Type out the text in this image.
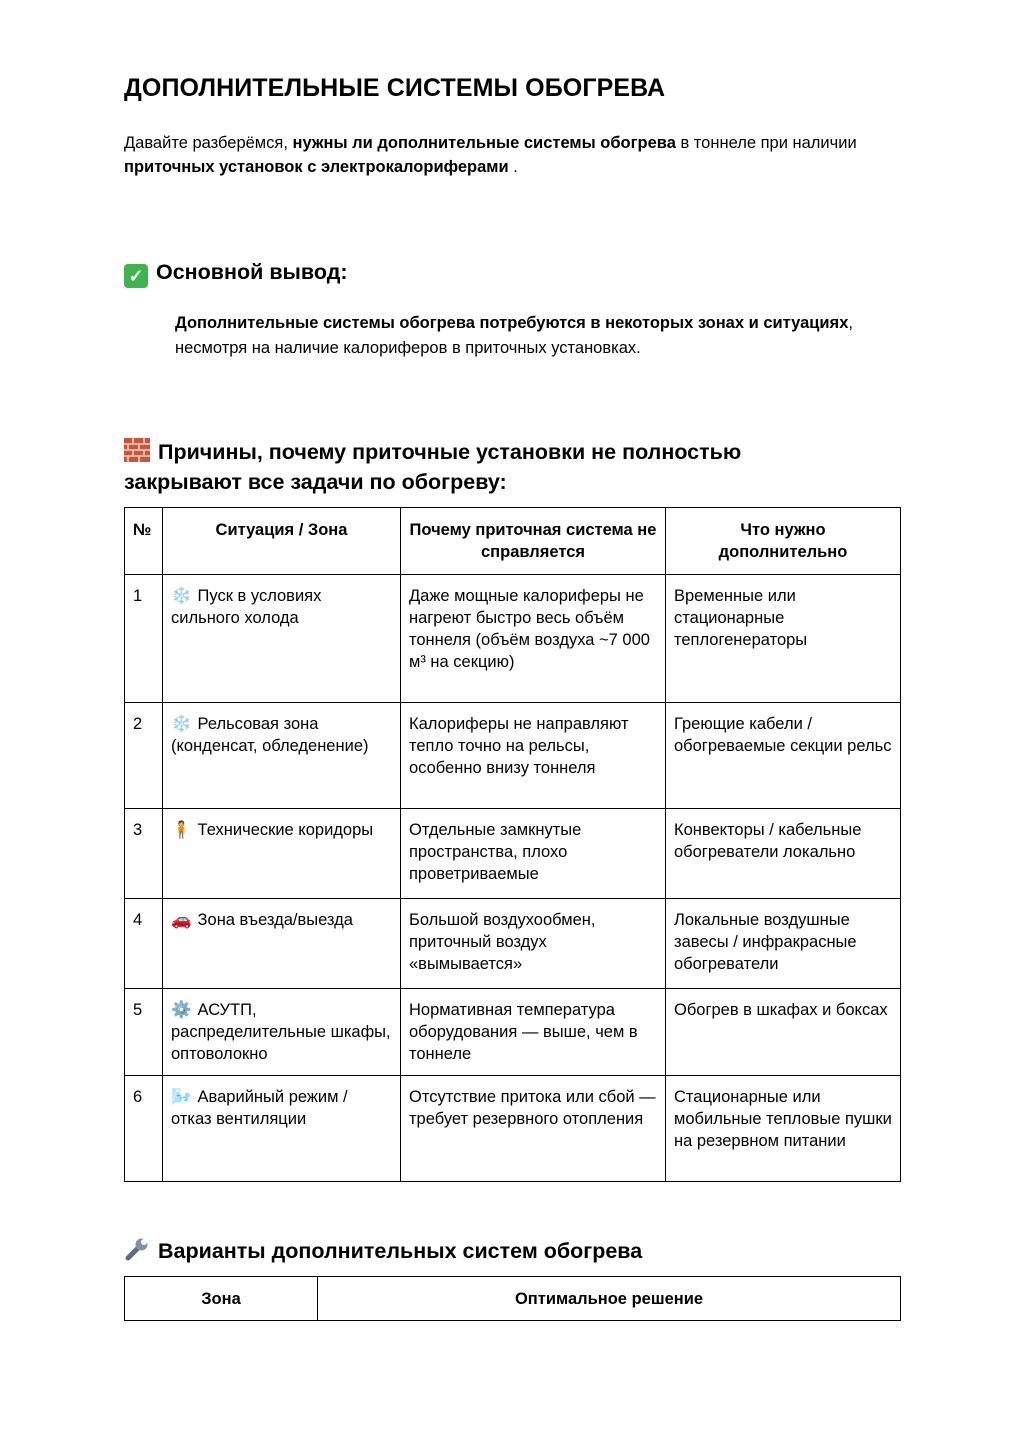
ДОПОЛНИТЕЛЬНЫЕ СИСТЕМЫ ОБОГРЕВА

Давайте разберёмся, нужны ли дополнительные системы обогрева в тоннеле при наличии приточных установок с электрокалориферами .

✓ Основной вывод:

Дополнительные системы обогрева потребуются в некоторых зонах и ситуациях, несмотря на наличие калориферов в приточных установках.

Причины, почему приточные установки не полностью закрывают все задачи по обогреву:
№	Ситуация / Зона	Почему приточная система не справляется	Что нужно дополнительно
1	❄️ Пуск в условиях сильного холода	Даже мощные калориферы не нагреют быстро весь объём тоннеля (объём воздуха ~7 000 м³ на секцию)	Временные или стационарные теплогенераторы
2	❄️ Рельсовая зона (конденсат, обледенение)	Калориферы не направляют тепло точно на рельсы, особенно внизу тоннеля	Греющие кабели / обогреваемые секции рельс
3	🧍 Технические коридоры	Отдельные замкнутые пространства, плохо проветриваемые	Конвекторы / кабельные обогреватели локально
4	🚗 Зона въезда/выезда	Большой воздухообмен, приточный воздух «вымывается»	Локальные воздушные завесы / инфракрасные обогреватели
5	⚙️ АСУТП, распределительные шкафы, оптоволокно	Нормативная температура оборудования — выше, чем в тоннеле	Обогрев в шкафах и боксах
6	🌬️ Аварийный режим / отказ вентиляции	Отсутствие притока или сбой — требует резервного отопления	Стационарные или мобильные тепловые пушки на резервном питании
Варианты дополнительных систем обогрева
Зона	Оптимальное решение
